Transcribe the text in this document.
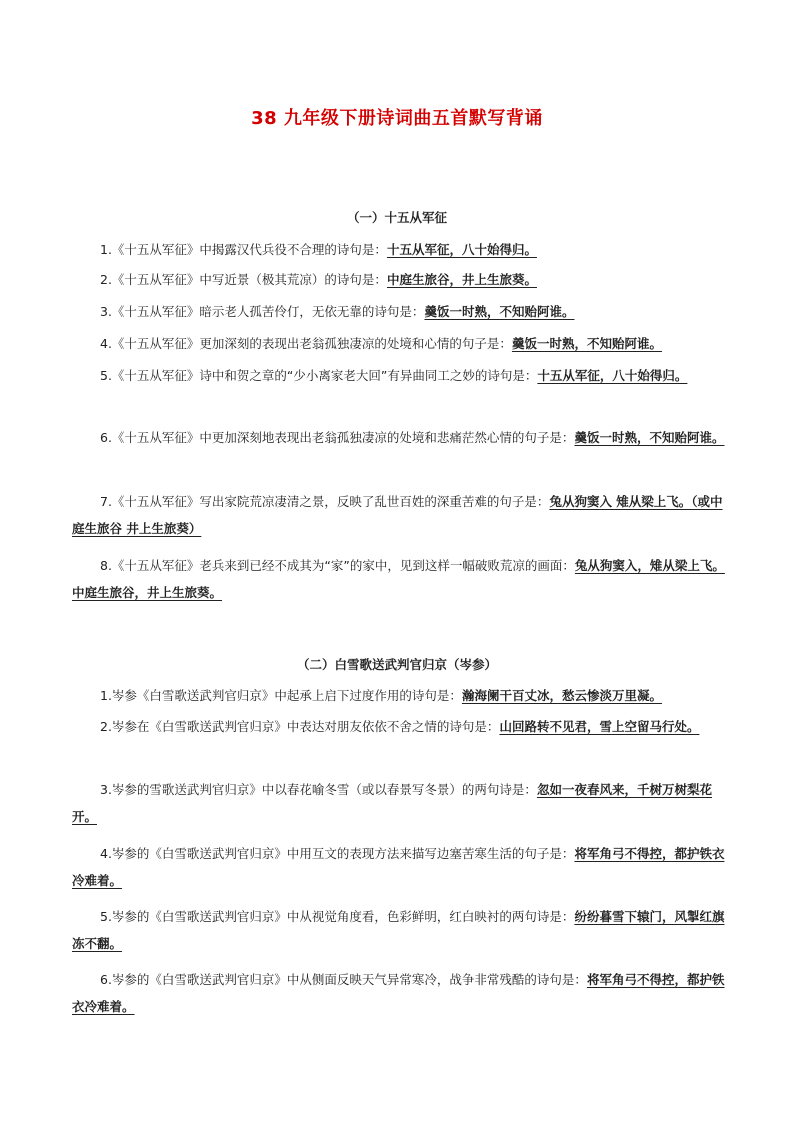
38 九年级下册诗词曲五首默写背诵
（一）十五从军征
1.《十五从军征》中揭露汉代兵役不合理的诗句是：十五从军征，八十始得归。
2.《十五从军征》中写近景（极其荒凉）的诗句是：中庭生旅谷，井上生旅葵。
3.《十五从军征》暗示老人孤苦伶仃，无依无靠的诗句是：羹饭一时熟，不知贻阿谁。
4.《十五从军征》更加深刻的表现出老翁孤独凄凉的处境和心情的句子是：羹饭一时熟，不知贻阿谁。
5.《十五从军征》诗中和贺之章的“少小离家老大回”有异曲同工之妙的诗句是：十五从军征，八十始得归。
6.《十五从军征》中更加深刻地表现出老翁孤独凄凉的处境和悲痛茫然心情的句子是：羹饭一时熟，不知贻阿谁。
7.《十五从军征》写出家院荒凉凄清之景，反映了乱世百姓的深重苦难的句子是：兔从狗窦入 雉从梁上飞。（或中庭生旅谷 井上生旅葵）
8.《十五从军征》老兵来到已经不成其为“家”的家中，见到这样一幅破败荒凉的画面：兔从狗窦入，雉从梁上飞。中庭生旅谷，井上生旅葵。
（二）白雪歌送武判官归京（岑参）
1.岑参《白雪歌送武判官归京》中起承上启下过度作用的诗句是：瀚海阑干百丈冰，愁云惨淡万里凝。
2.岑参在《白雪歌送武判官归京》中表达对朋友依依不舍之情的诗句是：山回路转不见君，雪上空留马行处。
3.岑参的雪歌送武判官归京》中以春花喻冬雪（或以春景写冬景）的两句诗是：忽如一夜春风来，千树万树梨花开。
4.岑参的《白雪歌送武判官归京》中用互文的表现方法来描写边塞苦寒生活的句子是：将军角弓不得控，都护铁衣冷难着。
5.岑参的《白雪歌送武判官归京》中从视觉角度看，色彩鲜明，红白映衬的两句诗是：纷纷暮雪下辕门，风掣红旗冻不翻。
6.岑参的《白雪歌送武判官归京》中从侧面反映天气异常寒冷，战争非常残酷的诗句是：将军角弓不得控，都护铁衣冷难着。
